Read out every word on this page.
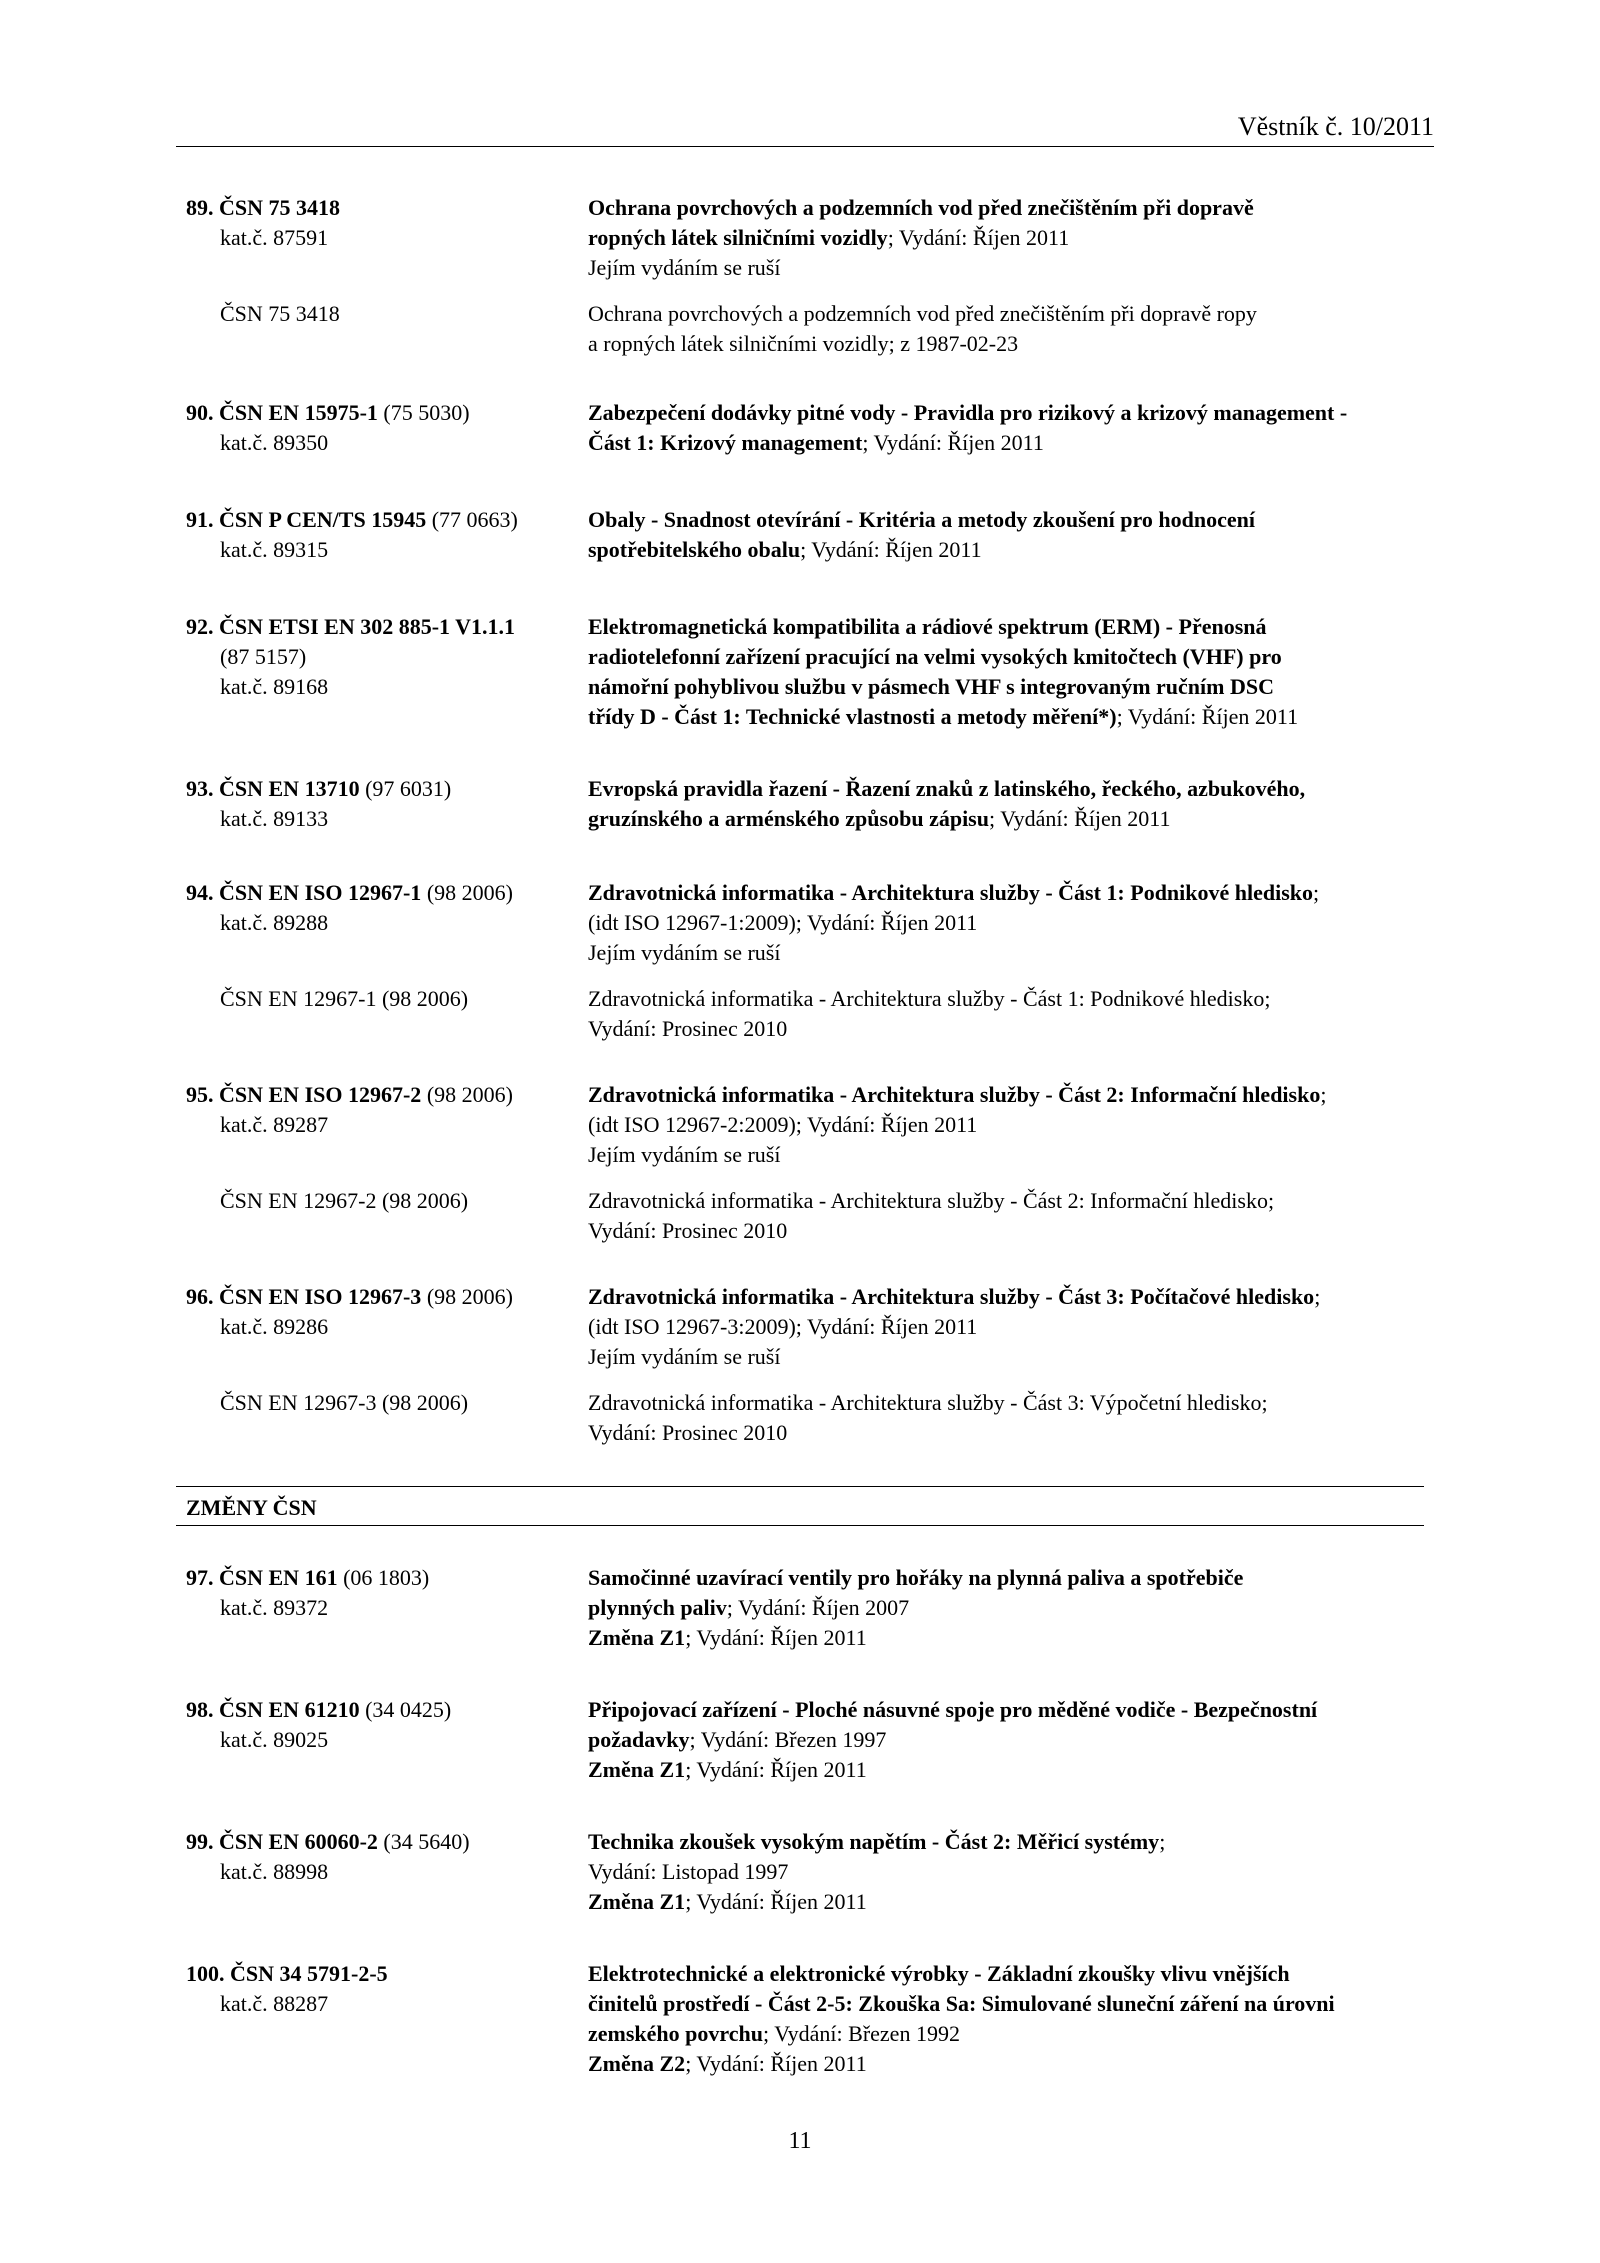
Věstník č. 10/2011
89. ČSN 75 3418	Ochrana povrchových a podzemních vod před znečištěním při dopravě
kat.č. 87591	ropných látek silničními vozidly; Vydání: Říjen 2011
Jejím vydáním se ruší
ČSN 75 3418	Ochrana povrchových a podzemních vod před znečištěním při dopravě ropy
a ropných látek silničními vozidly; z 1987-02-23
90. ČSN EN 15975-1 (75 5030)	Zabezpečení dodávky pitné vody - Pravidla pro rizikový a krizový management -
kat.č. 89350	Část 1: Krizový management; Vydání: Říjen 2011
91. ČSN P CEN/TS 15945 (77 0663)	Obaly - Snadnost otevírání - Kritéria a metody zkoušení pro hodnocení
kat.č. 89315	spotřebitelského obalu; Vydání: Říjen 2011
92. ČSN ETSI EN 302 885-1 V1.1.1	Elektromagnetická kompatibilita a rádiové spektrum (ERM) - Přenosná
(87 5157)	radiotelefonní zařízení pracující na velmi vysokých kmitočtech (VHF) pro
kat.č. 89168	námořní pohyblivou službu v pásmech VHF s integrovaným ručním DSC
třídy D - Část 1: Technické vlastnosti a metody měření*); Vydání: Říjen 2011
93. ČSN EN 13710 (97 6031)	Evropská pravidla řazení - Řazení znaků z latinského, řeckého, azbukového,
kat.č. 89133	gruzínského a arménského způsobu zápisu; Vydání: Říjen 2011
94. ČSN EN ISO 12967-1 (98 2006)	Zdravotnická informatika - Architektura služby - Část 1: Podnikové hledisko;
kat.č. 89288	(idt ISO 12967-1:2009); Vydání: Říjen 2011
Jejím vydáním se ruší
ČSN EN 12967-1 (98 2006)	Zdravotnická informatika - Architektura služby - Část 1: Podnikové hledisko;
Vydání: Prosinec 2010
95. ČSN EN ISO 12967-2 (98 2006)	Zdravotnická informatika - Architektura služby - Část 2: Informační hledisko;
kat.č. 89287	(idt ISO 12967-2:2009); Vydání: Říjen 2011
Jejím vydáním se ruší
ČSN EN 12967-2 (98 2006)	Zdravotnická informatika - Architektura služby - Část 2: Informační hledisko;
Vydání: Prosinec 2010
96. ČSN EN ISO 12967-3 (98 2006)	Zdravotnická informatika - Architektura služby - Část 3: Počítačové hledisko;
kat.č. 89286	(idt ISO 12967-3:2009); Vydání: Říjen 2011
Jejím vydáním se ruší
ČSN EN 12967-3 (98 2006)	Zdravotnická informatika - Architektura služby - Část 3: Výpočetní hledisko;
Vydání: Prosinec 2010
ZMĚNY ČSN
97. ČSN EN 161 (06 1803)	Samočinné uzavírací ventily pro hořáky na plynná paliva a spotřebiče
kat.č. 89372	plynných paliv; Vydání: Říjen 2007
Změna Z1; Vydání: Říjen 2011
98. ČSN EN 61210 (34 0425)	Připojovací zařízení - Ploché násuvné spoje pro měděné vodiče - Bezpečnostní
kat.č. 89025	požadavky; Vydání: Březen 1997
Změna Z1; Vydání: Říjen 2011
99. ČSN EN 60060-2 (34 5640)	Technika zkoušek vysokým napětím - Část 2: Měřicí systémy;
kat.č. 88998	Vydání: Listopad 1997
Změna Z1; Vydání: Říjen 2011
100. ČSN 34 5791-2-5	Elektrotechnické a elektronické výrobky - Základní zkoušky vlivu vnějších
kat.č. 88287	činitelů prostředí - Část 2-5: Zkouška Sa: Simulované sluneční záření na úrovni
zemského povrchu; Vydání: Březen 1992
Změna Z2; Vydání: Říjen 2011
11
